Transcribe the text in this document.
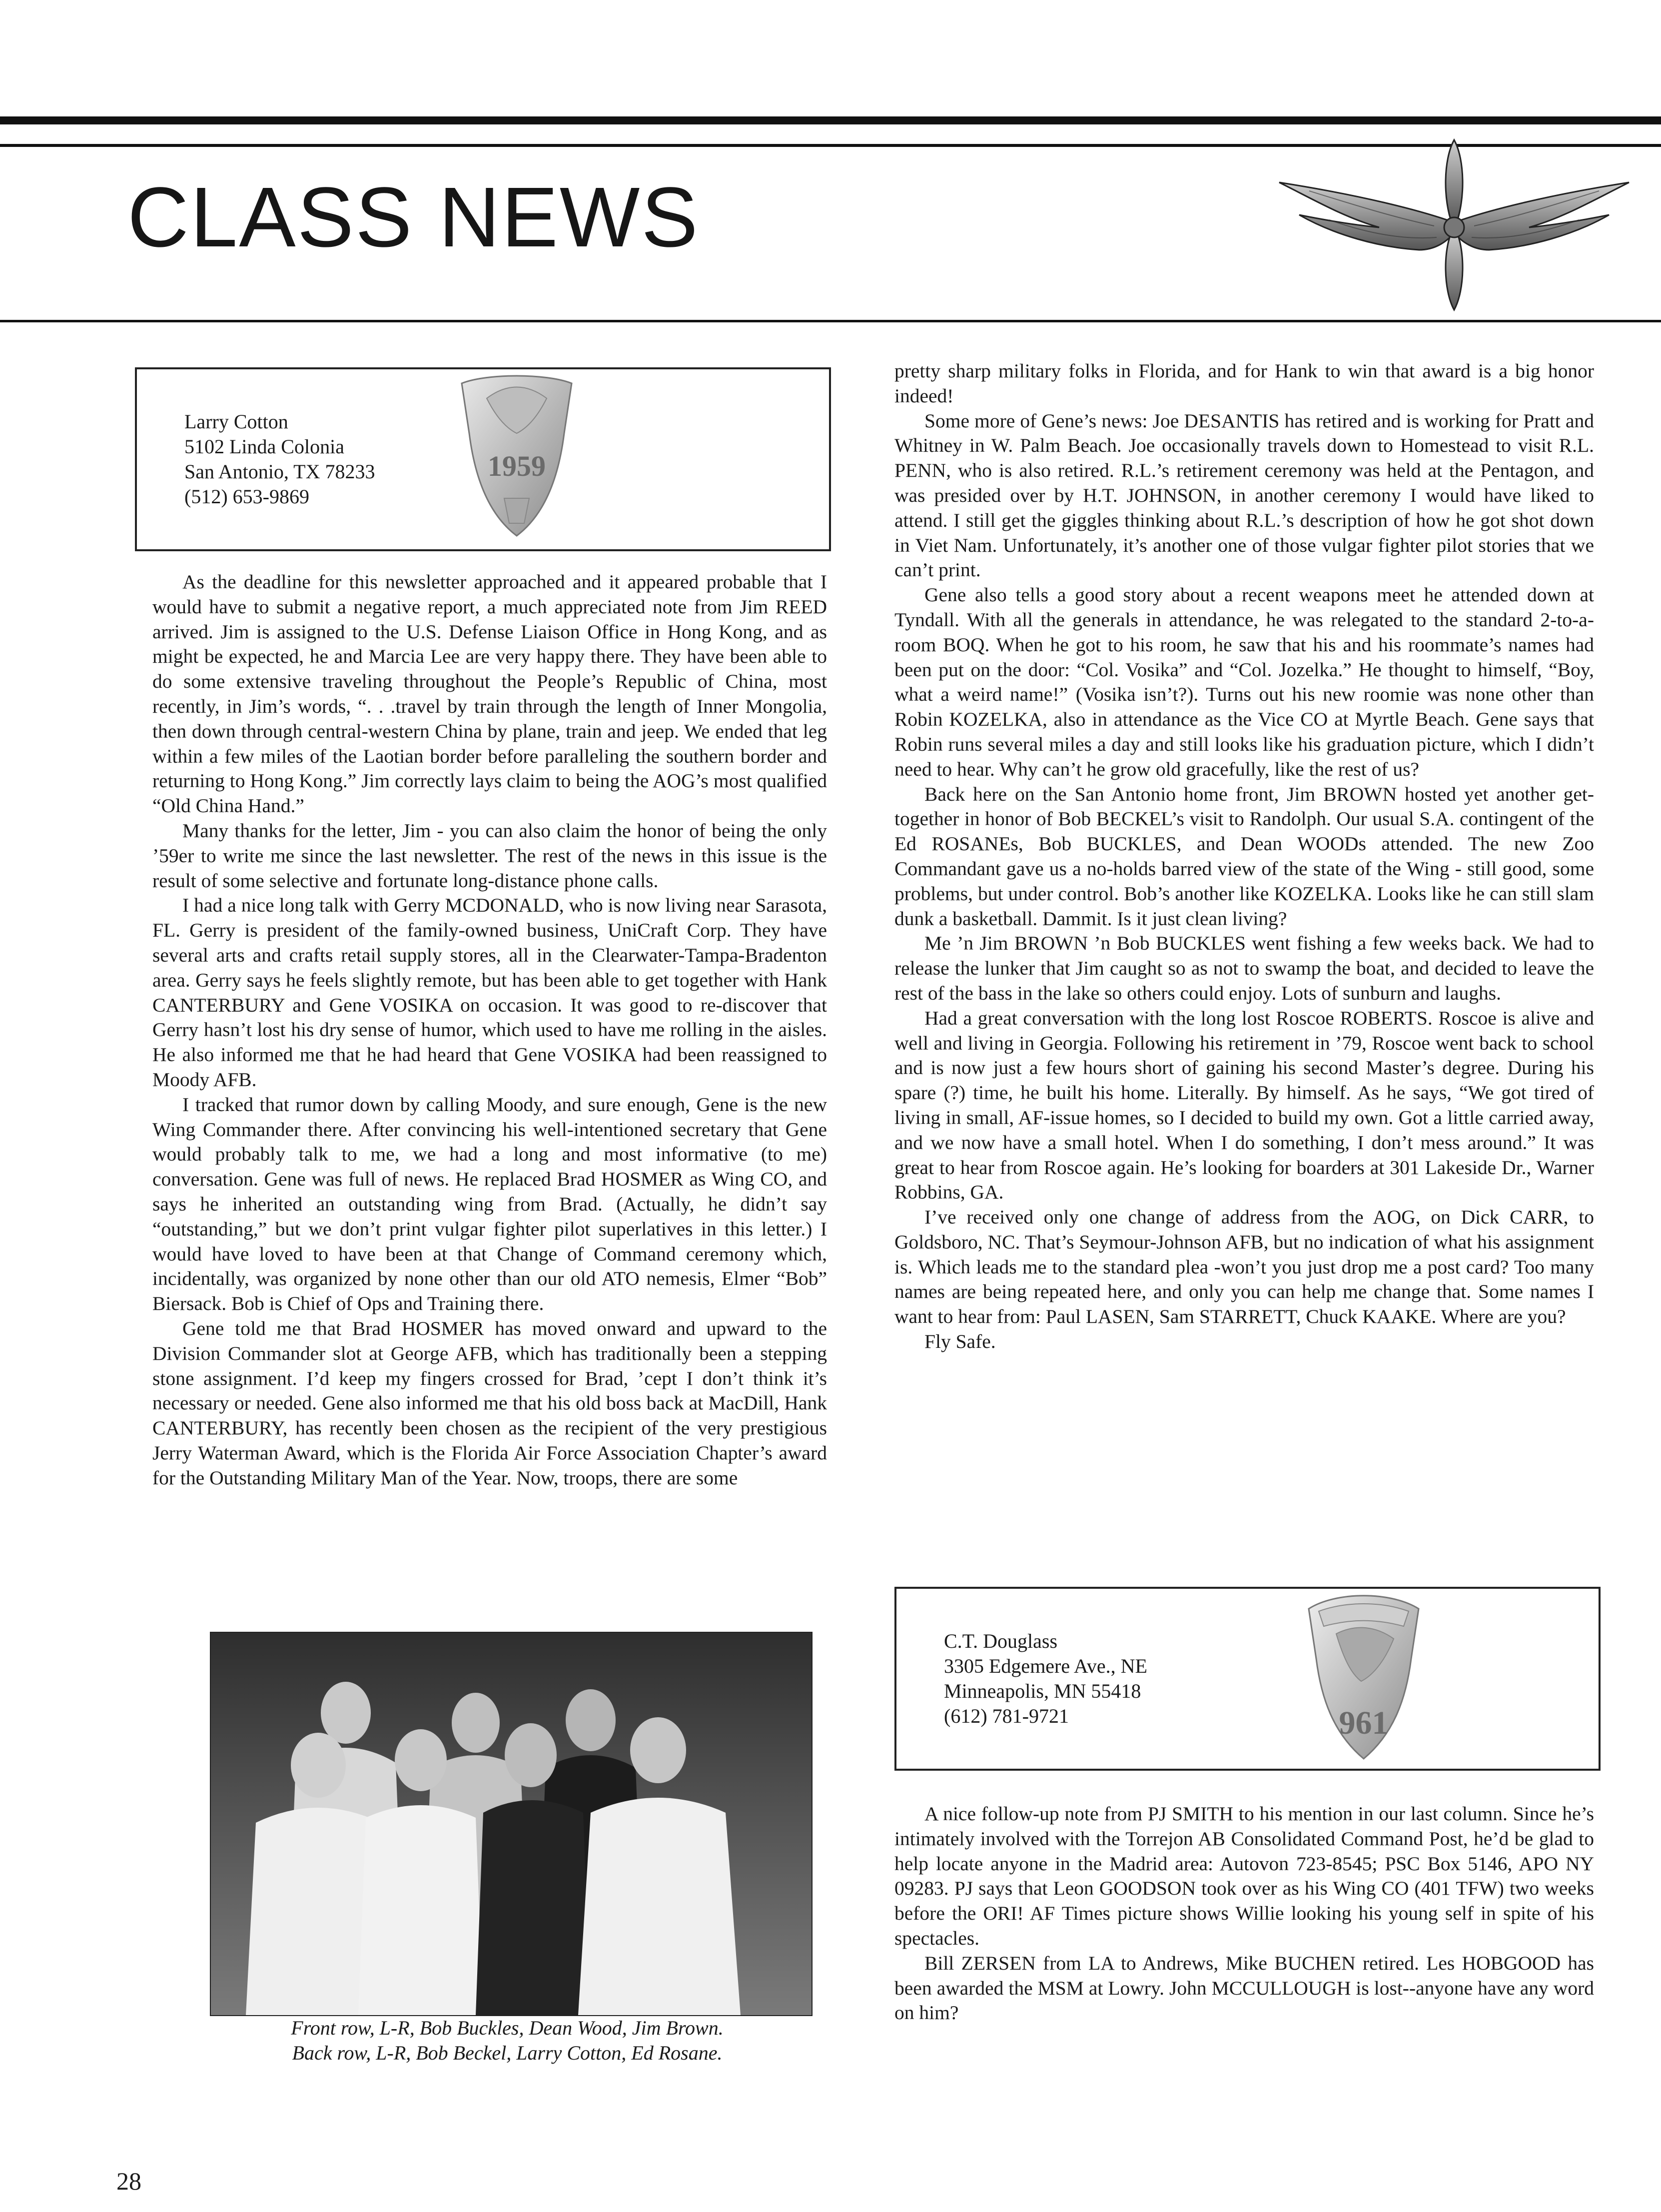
CLASS NEWS
Larry Cotton
5102 Linda Colonia
San Antonio, TX 78233
(512) 653-9869
1959

As the deadline for this newsletter approached and it appeared probable that I would have to submit a negative report, a much appreciated note from Jim REED arrived. Jim is assigned to the U.S. Defense Liaison Office in Hong Kong, and as might be expected, he and Marcia Lee are very happy there. They have been able to do some extensive traveling throughout the People’s Republic of China, most recently, in Jim’s words, “. . .travel by train through the length of Inner Mongolia, then down through central-western China by plane, train and jeep. We ended that leg within a few miles of the Laotian border before paralleling the southern border and returning to Hong Kong.” Jim correctly lays claim to being the AOG’s most qualified “Old China Hand.”

Many thanks for the letter, Jim - you can also claim the honor of being the only ’59er to write me since the last newsletter. The rest of the news in this issue is the result of some selective and fortunate long-distance phone calls.

I had a nice long talk with Gerry MCDONALD, who is now living near Sarasota, FL. Gerry is president of the family-owned business, UniCraft Corp. They have several arts and crafts retail supply stores, all in the Clearwater-Tampa-Bradenton area. Gerry says he feels slightly remote, but has been able to get together with Hank CANTERBURY and Gene VOSIKA on occasion. It was good to re-discover that Gerry hasn’t lost his dry sense of humor, which used to have me rolling in the aisles. He also informed me that he had heard that Gene VOSIKA had been reassigned to Moody AFB.

I tracked that rumor down by calling Moody, and sure enough, Gene is the new Wing Commander there. After convincing his well-intentioned secretary that Gene would probably talk to me, we had a long and most informative (to me) conversation. Gene was full of news. He replaced Brad HOSMER as Wing CO, and says he inherited an outstanding wing from Brad. (Actually, he didn’t say “outstanding,” but we don’t print vulgar fighter pilot superlatives in this letter.) I would have loved to have been at that Change of Command ceremony which, incidentally, was organized by none other than our old ATO nemesis, Elmer “Bob” Biersack. Bob is Chief of Ops and Training there.

Gene told me that Brad HOSMER has moved onward and upward to the Division Commander slot at George AFB, which has traditionally been a stepping stone assignment. I’d keep my fingers crossed for Brad, ’cept I don’t think it’s necessary or needed. Gene also informed me that his old boss back at MacDill, Hank CANTERBURY, has recently been chosen as the recipient of the very prestigious Jerry Waterman Award, which is the Florida Air Force Association Chapter’s award for the Outstanding Military Man of the Year. Now, troops, there are some

Front row, L-R, Bob Buckles, Dean Wood, Jim Brown.
Back row, L-R, Bob Beckel, Larry Cotton, Ed Rosane.

pretty sharp military folks in Florida, and for Hank to win that award is a big honor indeed!

Some more of Gene’s news: Joe DESANTIS has retired and is working for Pratt and Whitney in W. Palm Beach. Joe occasionally travels down to Homestead to visit R.L. PENN, who is also retired. R.L.’s retirement ceremony was held at the Pentagon, and was presided over by H.T. JOHNSON, in another ceremony I would have liked to attend. I still get the giggles thinking about R.L.’s description of how he got shot down in Viet Nam. Unfortunately, it’s another one of those vulgar fighter pilot stories that we can’t print.

Gene also tells a good story about a recent weapons meet he attended down at Tyndall. With all the generals in attendance, he was relegated to the standard 2-to-a-room BOQ. When he got to his room, he saw that his and his roommate’s names had been put on the door: “Col. Vosika” and “Col. Jozelka.” He thought to himself, “Boy, what a weird name!” (Vosika isn’t?). Turns out his new roomie was none other than Robin KOZELKA, also in attendance as the Vice CO at Myrtle Beach. Gene says that Robin runs several miles a day and still looks like his graduation picture, which I didn’t need to hear. Why can’t he grow old gracefully, like the rest of us?

Back here on the San Antonio home front, Jim BROWN hosted yet another get-together in honor of Bob BECKEL’s visit to Randolph. Our usual S.A. contingent of the Ed ROSANEs, Bob BUCKLES, and Dean WOODs attended. The new Zoo Commandant gave us a no-holds barred view of the state of the Wing - still good, some problems, but under control. Bob’s another like KOZELKA. Looks like he can still slam dunk a basketball. Dammit. Is it just clean living?

Me ’n Jim BROWN ’n Bob BUCKLES went fishing a few weeks back. We had to release the lunker that Jim caught so as not to swamp the boat, and decided to leave the rest of the bass in the lake so others could enjoy. Lots of sunburn and laughs.

Had a great conversation with the long lost Roscoe ROBERTS. Roscoe is alive and well and living in Georgia. Following his retirement in ’79, Roscoe went back to school and is now just a few hours short of gaining his second Master’s degree. During his spare (?) time, he built his home. Literally. By himself. As he says, “We got tired of living in small, AF-issue homes, so I decided to build my own. Got a little carried away, and we now have a small hotel. When I do something, I don’t mess around.” It was great to hear from Roscoe again. He’s looking for boarders at 301 Lakeside Dr., Warner Robbins, GA.

I’ve received only one change of address from the AOG, on Dick CARR, to Goldsboro, NC. That’s Seymour-Johnson AFB, but no indication of what his assignment is. Which leads me to the standard plea -won’t you just drop me a post card? Too many names are being repeated here, and only you can help me change that. Some names I want to hear from: Paul LASEN, Sam STARRETT, Chuck KAAKE. Where are you?

Fly Safe.

C.T. Douglass
3305 Edgemere Ave., NE
Minneapolis, MN 55418
(612) 781-9721	961

A nice follow-up note from PJ SMITH to his mention in our last column. Since he’s intimately involved with the Torrejon AB Consolidated Command Post, he’d be glad to help locate anyone in the Madrid area: Autovon 723-8545; PSC Box 5146, APO NY 09283. PJ says that Leon GOODSON took over as his Wing CO (401 TFW) two weeks before the ORI! AF Times picture shows Willie looking his young self in spite of his spectacles.

Bill ZERSEN from LA to Andrews, Mike BUCHEN retired. Les HOBGOOD has been awarded the MSM at Lowry. John MCCULLOUGH is lost--anyone have any word on him?

28
